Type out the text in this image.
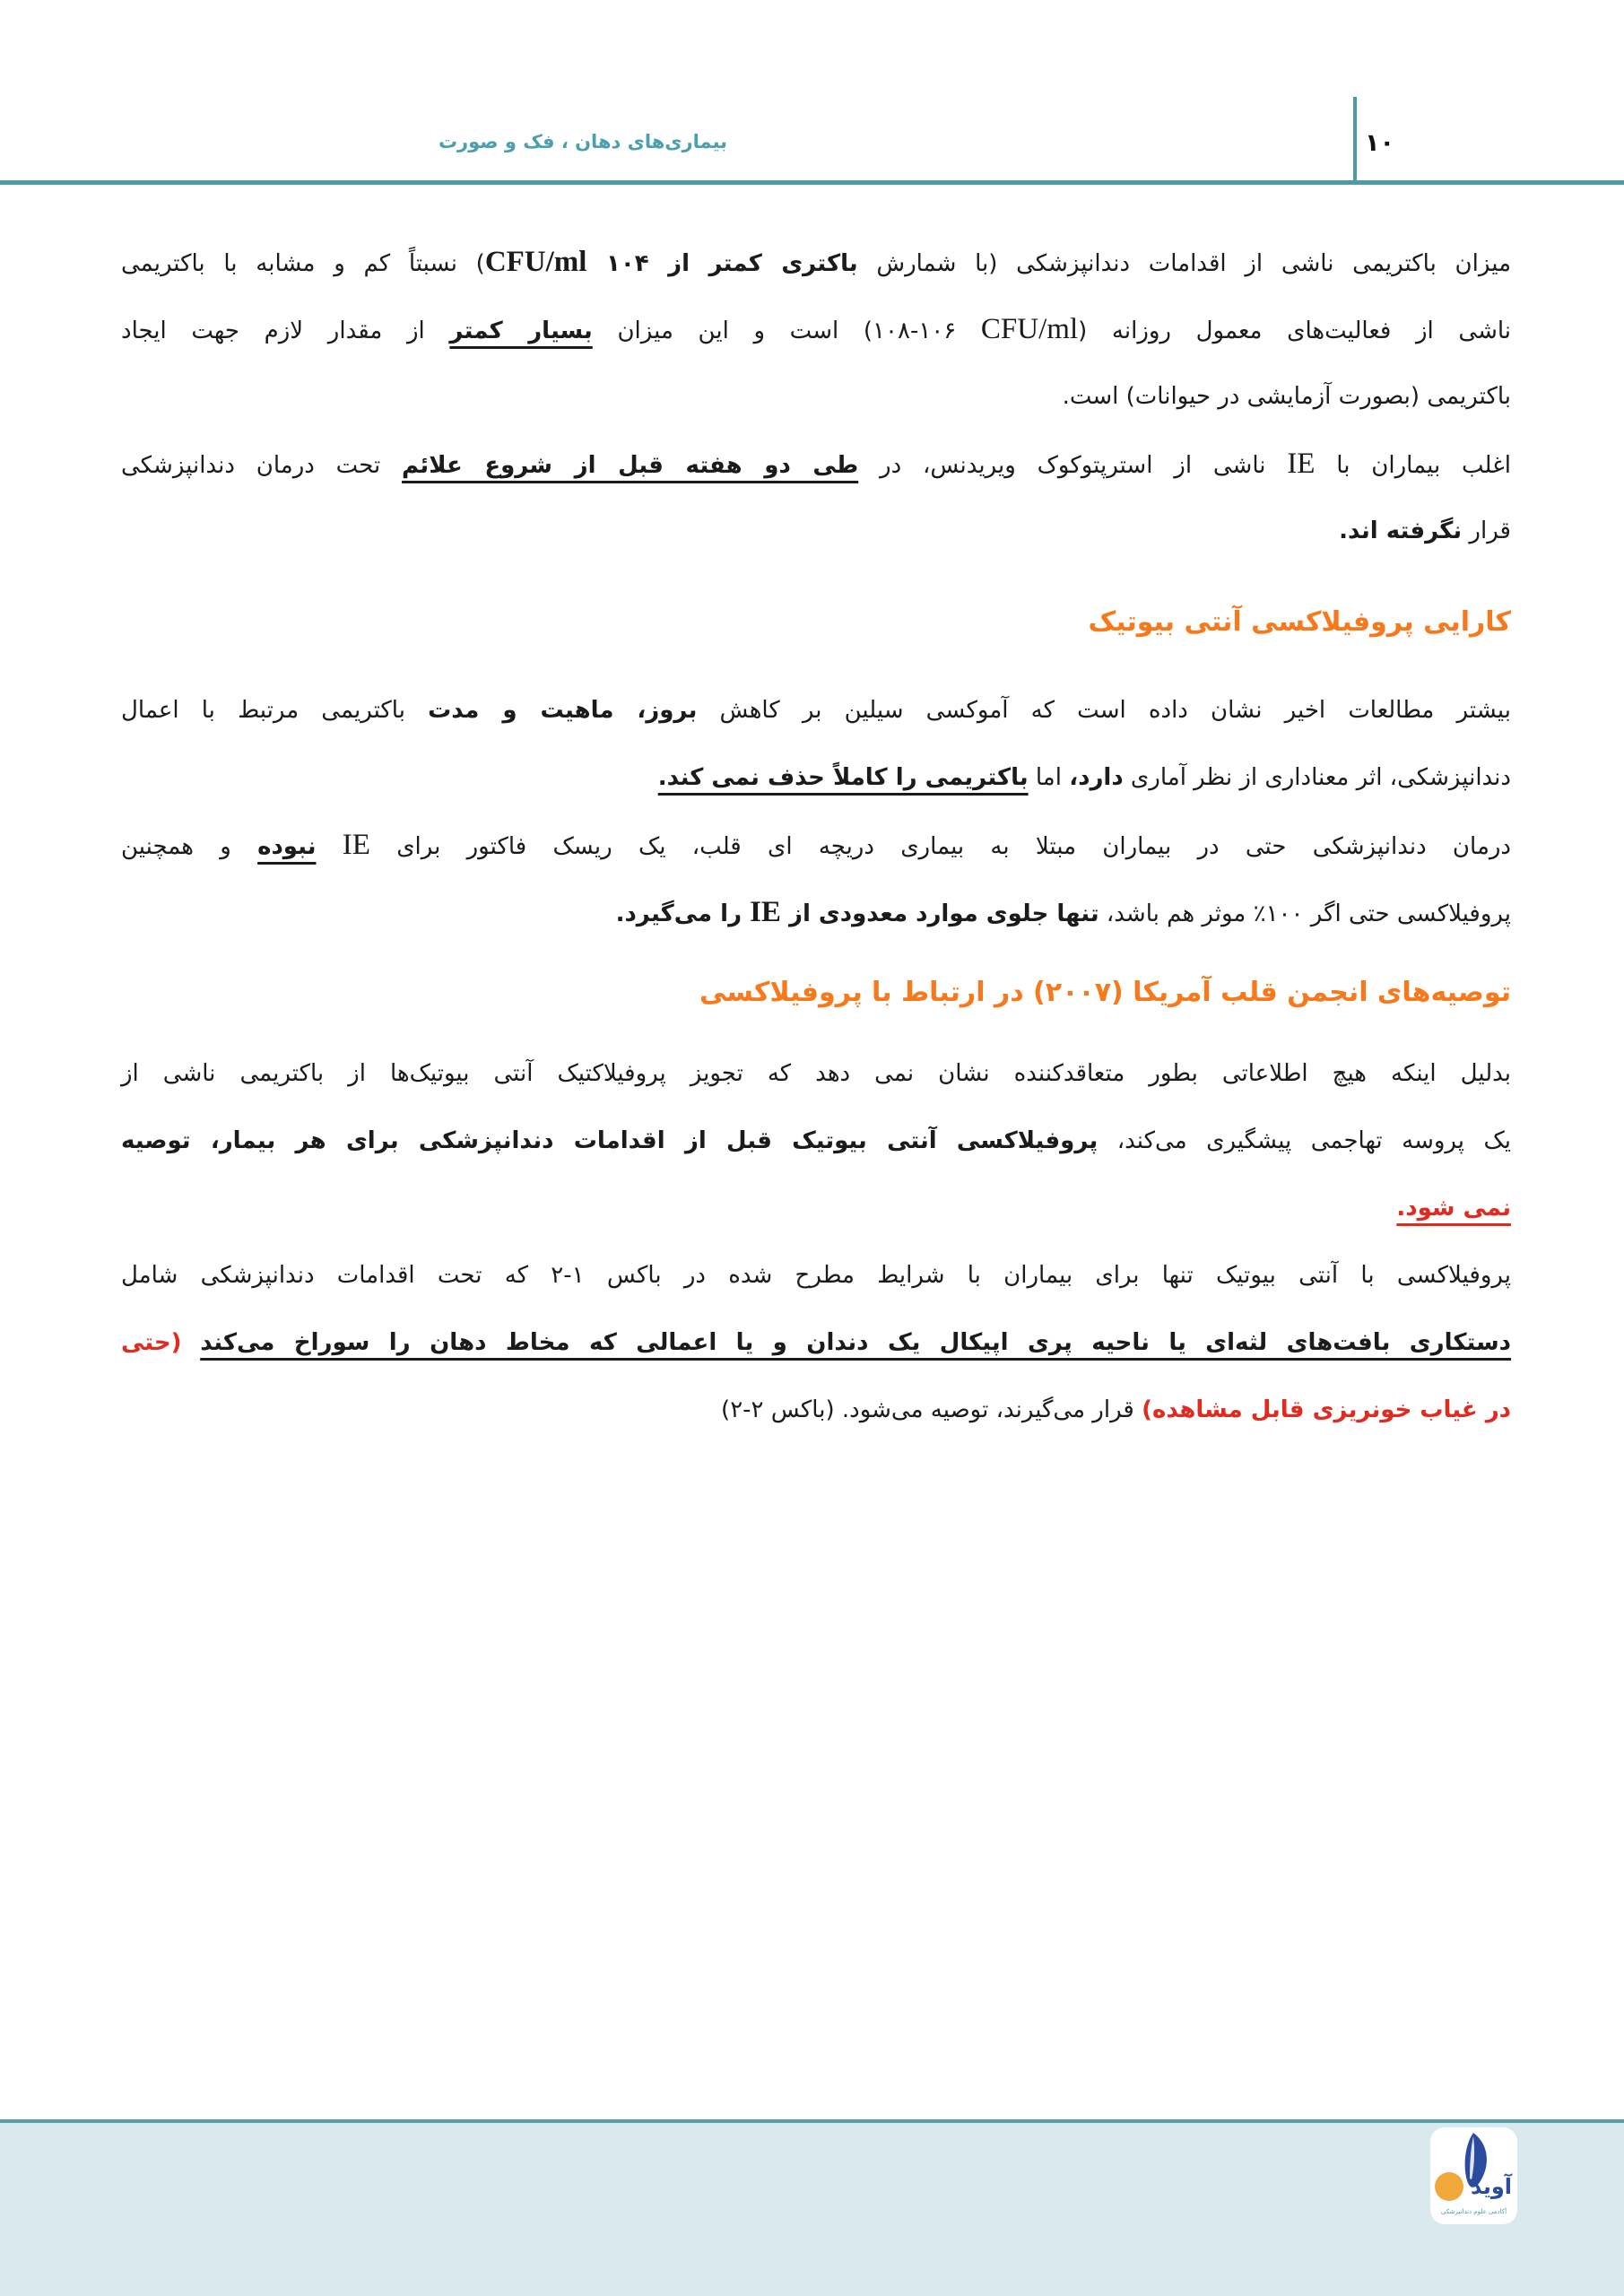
بیماری‌های دهان ، فک و صورت	۱۰
میزان باکتریمی ناشی از اقدامات دندانپزشکی (با شمارش باکتری کمتر از ۱۰۴ CFU/ml) نسبتاً کم و مشابه با باکتریمی
ناشی از فعالیت‌های معمول روزانه (CFU/ml ۱۰۶-۱۰۸) است و این میزان بسیار کمتر از مقدار لازم جهت ایجاد
باکتریمی (بصورت آزمایشی در حیوانات) است.
اغلب بیماران با IE ناشی از استرپتوکوک ویریدنس، در طی دو هفته قبل از شروع علائم تحت درمان دندانپزشکی
قرار نگرفته اند.
کارایی پروفیلاکسی آنتی بیوتیک
بیشتر مطالعات اخیر نشان داده است که آموکسی سیلین بر کاهش بروز، ماهیت و مدت باکتریمی مرتبط با اعمال
دندانپزشکی، اثر معناداری از نظر آماری دارد، اما باکتریمی را کاملاً حذف نمی کند.
درمان دندانپزشکی حتی در بیماران مبتلا به بیماری دریچه ای قلب، یک ریسک فاکتور برای IE نبوده و همچنین
پروفیلاکسی حتی اگر ۱۰۰٪ موثر هم باشد، تنها جلوی موارد معدودی از IE را می‌گیرد.
توصیه‌های انجمن قلب آمریکا (۲۰۰۷) در ارتباط با پروفیلاکسی
بدلیل اینکه هیچ اطلاعاتی بطور متعاقدکننده نشان نمی دهد که تجویز پروفیلاکتیک آنتی بیوتیک‌ها از باکتریمی ناشی از
یک پروسه تهاجمی پیشگیری می‌کند، پروفیلاکسی آنتی بیوتیک قبل از اقدامات دندانپزشکی برای هر بیمار، توصیه
نمی شود.
پروفیلاکسی با آنتی بیوتیک تنها برای بیماران با شرایط مطرح شده در باکس ۱-۲ که تحت اقدامات دندانپزشکی شامل
دستکاری بافت‌های لثه‌ای یا ناحیه پری اپیکال یک دندان و یا اعمالی که مخاط دهان را سوراخ می‌کند (حتی
در غیاب خونریزی قابل مشاهده) قرار می‌گیرند، توصیه می‌شود. (باکس ۲-۲)
آوید
آکادمی علوم دندانپزشکی
